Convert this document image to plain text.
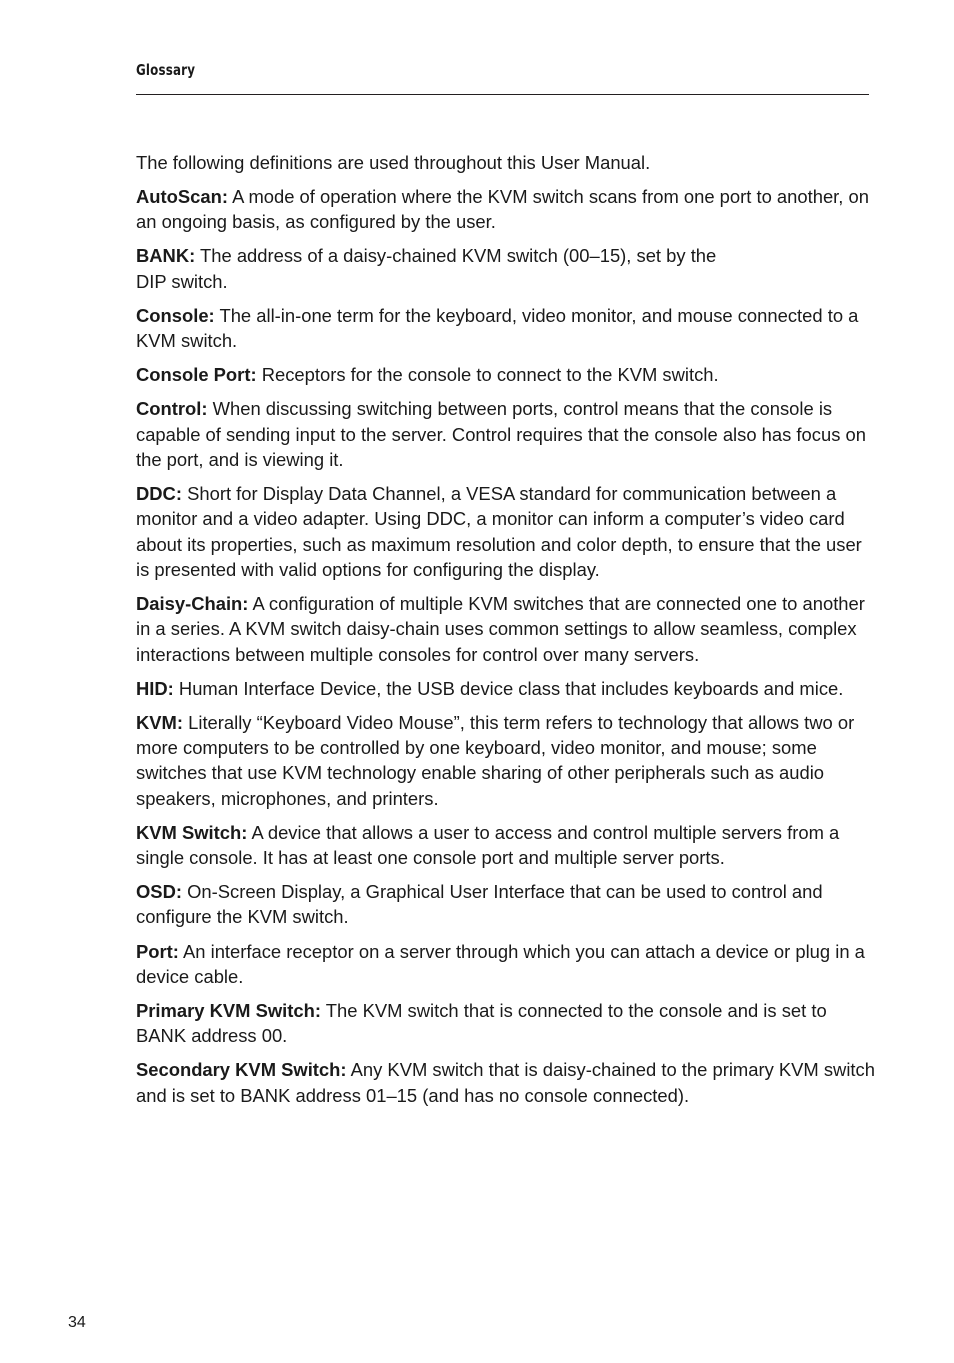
Glossary

The following definitions are used throughout this User Manual.

AutoScan: A mode of operation where the KVM switch scans from one port to another, on an ongoing basis, as configured by the user.

BANK: The address of a daisy-chained KVM switch (00–15), set by the
DIP switch.

Console: The all-in-one term for the keyboard, video monitor, and mouse connected to a KVM switch.

Console Port: Receptors for the console to connect to the KVM switch.

Control: When discussing switching between ports, control means that the console is capable of sending input to the server. Control requires that the console also has focus on the port, and is viewing it.

DDC: Short for Display Data Channel, a VESA standard for communication between a monitor and a video adapter. Using DDC, a monitor can inform a computer’s video card about its properties, such as maximum resolution and color depth, to ensure that the user is presented with valid options for configuring the display.

Daisy-Chain: A configuration of multiple KVM switches that are connected one to another in a series. A KVM switch daisy-chain uses common settings to allow seamless, complex interactions between multiple consoles for control over many servers.

HID: Human Interface Device, the USB device class that includes keyboards and mice.

KVM: Literally “Keyboard Video Mouse”, this term refers to technology that allows two or more computers to be controlled by one keyboard, video monitor, and mouse; some switches that use KVM technology enable sharing of other peripherals such as audio speakers, microphones, and printers.

KVM Switch: A device that allows a user to access and control multiple servers from a single console. It has at least one console port and multiple server ports.

OSD: On-Screen Display, a Graphical User Interface that can be used to control and configure the KVM switch.

Port: An interface receptor on a server through which you can attach a device or plug in a device cable.

Primary KVM Switch: The KVM switch that is connected to the console and is set to BANK address 00.

Secondary KVM Switch: Any KVM switch that is daisy-chained to the primary KVM switch and is set to BANK address 01–15 (and has no console connected).

34
